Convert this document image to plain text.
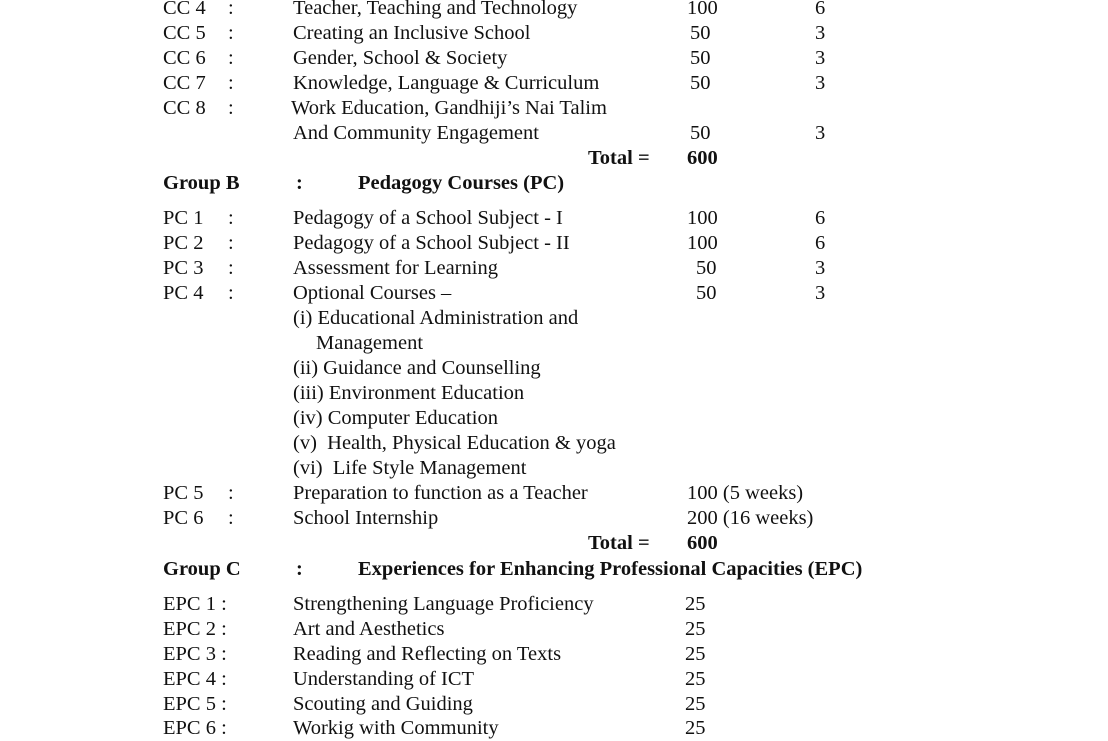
CC 4 :	Teacher, Teaching and Technology	100	6
CC 5 :	Creating an Inclusive School	50	3
CC 6 :	Gender, School & Society	50	3
CC 7 :	Knowledge, Language & Curriculum	50	3
CC 8 :	Work Education, Gandhiji’s Nai Talim
And Community Engagement	50	3
Total = 600
Group B	:	Pedagogy Courses (PC)
PC 1 :	Pedagogy of a School Subject - I	100	6
PC 2 :	Pedagogy of a School Subject - II	100	6
PC 3 :	Assessment for Learning	50	3
PC 4 :	Optional Courses –	50	3
(i) Educational Administration and
Management
(ii) Guidance and Counselling
(iii) Environment Education
(iv) Computer Education
(v)  Health, Physical Education & yoga
(vi)  Life Style Management
PC 5 :	Preparation to function as a Teacher	100 (5 weeks)
PC 6 :	School Internship	200 (16 weeks)
Total = 600
Group C	:	Experiences for Enhancing Professional Capacities (EPC)
EPC 1 :	Strengthening Language Proficiency	25
EPC 2 :	Art and Aesthetics	25
EPC 3 :	Reading and Reflecting on Texts	25
EPC 4 :	Understanding of ICT	25
EPC 5 :	Scouting and Guiding	25
EPC 6 :	Workig with Community	25
